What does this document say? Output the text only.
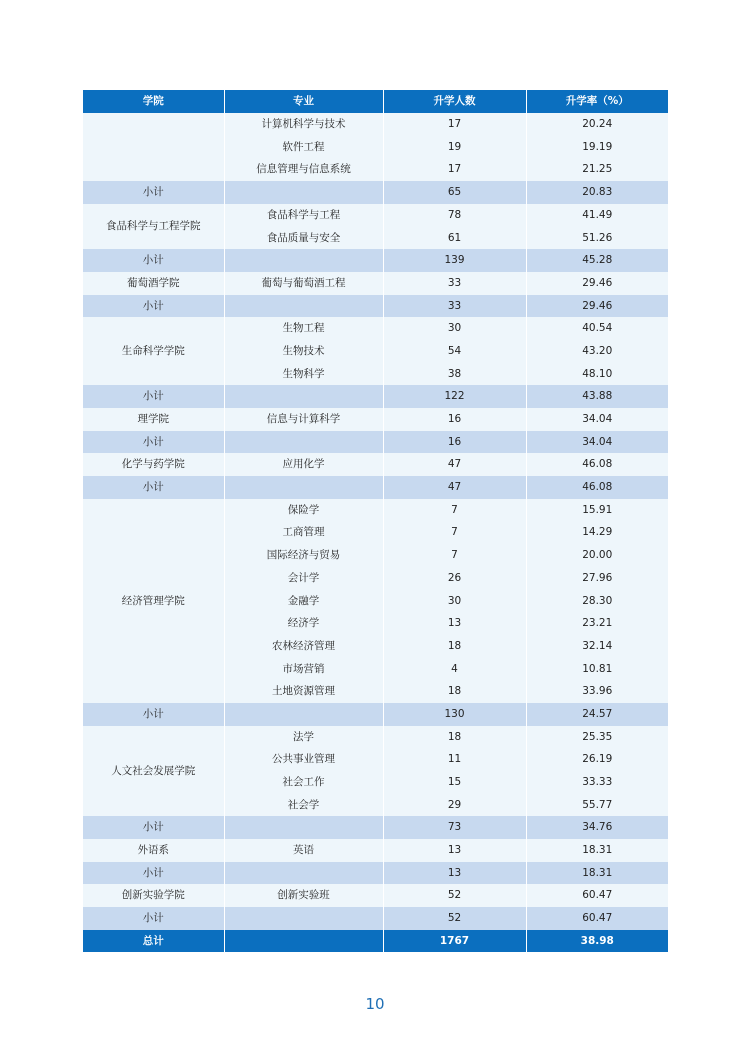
学院	专业	升学人数	升学率（%）
	计算机科学与技术	17	20.24
	软件工程	19	19.19
	信息管理与信息系统	17	21.25
小计		65	20.83
食品科学与工程学院	食品科学与工程	78	41.49
	食品质量与安全	61	51.26
小计		139	45.28
葡萄酒学院	葡萄与葡萄酒工程	33	29.46
小计		33	29.46
生命科学学院	生物工程	30	40.54
	生物技术	54	43.20
	生物科学	38	48.10
小计		122	43.88
理学院	信息与计算科学	16	34.04
小计		16	34.04
化学与药学院	应用化学	47	46.08
小计		47	46.08
经济管理学院	保险学	7	15.91
	工商管理	7	14.29
	国际经济与贸易	7	20.00
	会计学	26	27.96
	金融学	30	28.30
	经济学	13	23.21
	农林经济管理	18	32.14
	市场营销	4	10.81
	土地资源管理	18	33.96
小计		130	24.57
人文社会发展学院	法学	18	25.35
	公共事业管理	11	26.19
	社会工作	15	33.33
	社会学	29	55.77
小计		73	34.76
外语系	英语	13	18.31
小计		13	18.31
创新实验学院	创新实验班	52	60.47
小计		52	60.47
总计		1767	38.98
10
